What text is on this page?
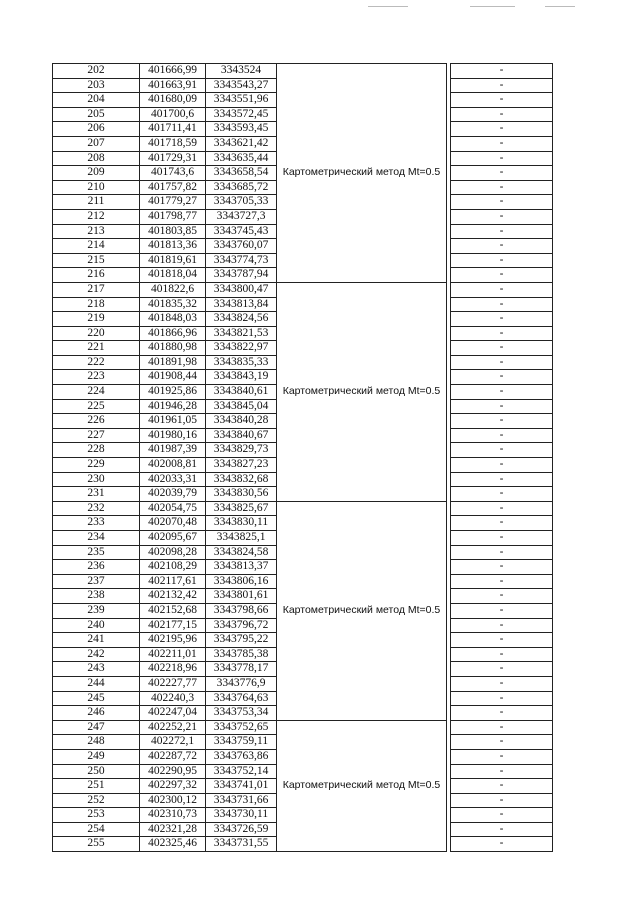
202	401666,99	3343524	Картометрический метод Mt=0.5		-
203	401663,91	3343543,27			-
204	401680,09	3343551,96			-
205	401700,6	3343572,45			-
206	401711,41	3343593,45			-
207	401718,59	3343621,42			-
208	401729,31	3343635,44			-
209	401743,6	3343658,54			-
210	401757,82	3343685,72			-
211	401779,27	3343705,33			-
212	401798,77	3343727,3			-
213	401803,85	3343745,43			-
214	401813,36	3343760,07			-
215	401819,61	3343774,73			-
216	401818,04	3343787,94			-
217	401822,6	3343800,47	Картометрический метод Mt=0.5		-
218	401835,32	3343813,84			-
219	401848,03	3343824,56			-
220	401866,96	3343821,53			-
221	401880,98	3343822,97			-
222	401891,98	3343835,33			-
223	401908,44	3343843,19			-
224	401925,86	3343840,61			-
225	401946,28	3343845,04			-
226	401961,05	3343840,28			-
227	401980,16	3343840,67			-
228	401987,39	3343829,73			-
229	402008,81	3343827,23			-
230	402033,31	3343832,68			-
231	402039,79	3343830,56			-
232	402054,75	3343825,67	Картометрический метод Mt=0.5		-
233	402070,48	3343830,11			-
234	402095,67	3343825,1			-
235	402098,28	3343824,58			-
236	402108,29	3343813,37			-
237	402117,61	3343806,16			-
238	402132,42	3343801,61			-
239	402152,68	3343798,66			-
240	402177,15	3343796,72			-
241	402195,96	3343795,22			-
242	402211,01	3343785,38			-
243	402218,96	3343778,17			-
244	402227,77	3343776,9			-
245	402240,3	3343764,63			-
246	402247,04	3343753,34			-
247	402252,21	3343752,65	Картометрический метод Mt=0.5		-
248	402272,1	3343759,11			-
249	402287,72	3343763,86			-
250	402290,95	3343752,14			-
251	402297,32	3343741,01			-
252	402300,12	3343731,66			-
253	402310,73	3343730,11			-
254	402321,28	3343726,59			-
255	402325,46	3343731,55			-
